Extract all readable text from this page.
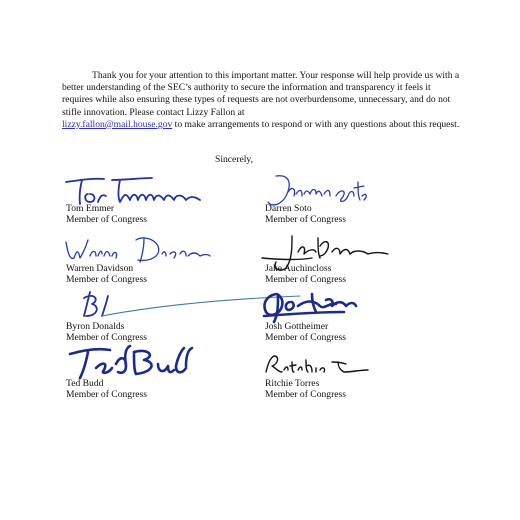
Thank you for your attention to this important matter. Your response will help provide us with a better understanding of the SEC’s authority to secure the information and transparency it feels it requires while also ensuring these types of requests are not overburdensome, unnecessary, and do not stifle innovation. Please contact Lizzy Fallon at
lizzy.fallon@mail.house.gov to make arrangements to respond or with any questions about this request.

Sincerely,
Tom Emmer
Member of Congress
Darren Soto
Member of Congress
Warren Davidson
Member of Congress
Jake Auchincloss
Member of Congress
Byron Donalds
Member of Congress
Josh Gottheimer
Member of Congress
Ted Budd
Member of Congress
Ritchie Torres
Member of Congress
